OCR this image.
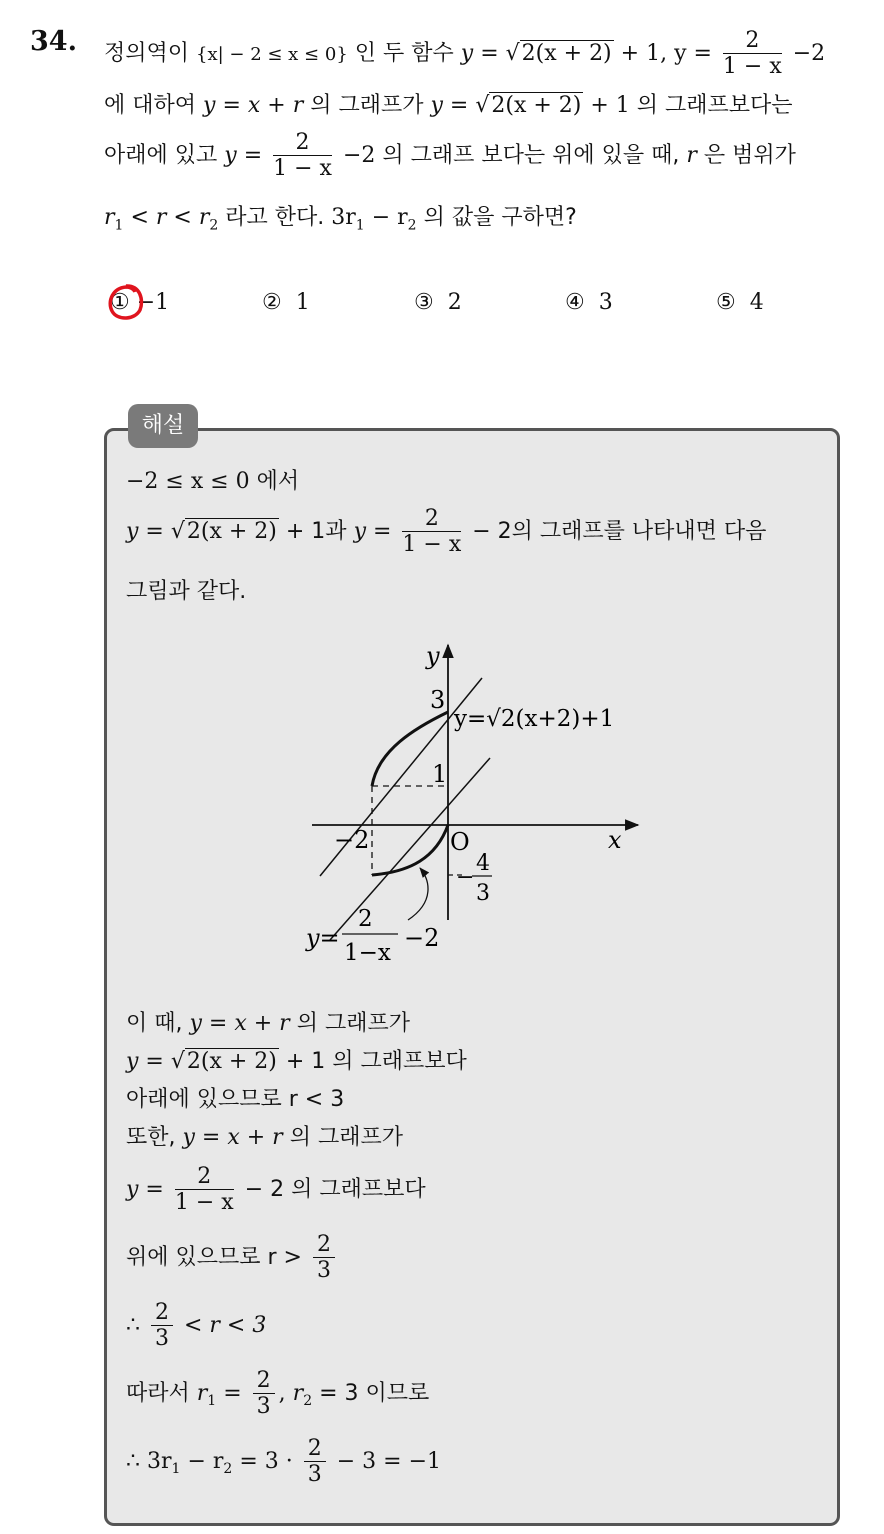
34. 정의역이 {x| − 2 ≤ x ≤ 0} 인 두 함수 y = √2(x + 2) + 1, $y = \frac{2}{1 - x} -2$
에 대하여 y = x + r 의 그래프가 y = √2(x + 2) + 1 의 그래프보다는
아래에 있고 $y = \frac{2}{1 - x} -2$ 의 그래프 보다는 위에 있을 때, r 은 범위가
$r_1 < r < r_2$ 라고 한다. $3r_1 - r_2$ 의 값을 구하면?
① −1	② 1	③ 2	④ 3	⑤ 4
해설
−2 ≤ x ≤ 0 에서
y = √2(x + 2) + 1과 $y = \frac{2}{1 - x} - 2$의 그래프를 나타내면 다음
그림과 같다.
y
x
O
3
1
−2
−
4
3
y=√2(x+2)+1
y=
2
1−x
−2
이 때, y = x + r 의 그래프가
y = √2(x + 2) + 1 의 그래프보다
아래에 있으므로 r < 3
또한, y = x + r 의 그래프가
$y = \frac{2}{1 - x} - 2$ 의 그래프보다
위에 있으므로 $r > \frac{2}{3}$
∴ $\frac{2}{3} < r < 3$
따라서 $r_1 = \frac{2}{3}$ , $r_2 = 3$ 이므로
∴ $3r_1 - r_2 = 3 \cdot \frac{2}{3} - 3 = -1$
